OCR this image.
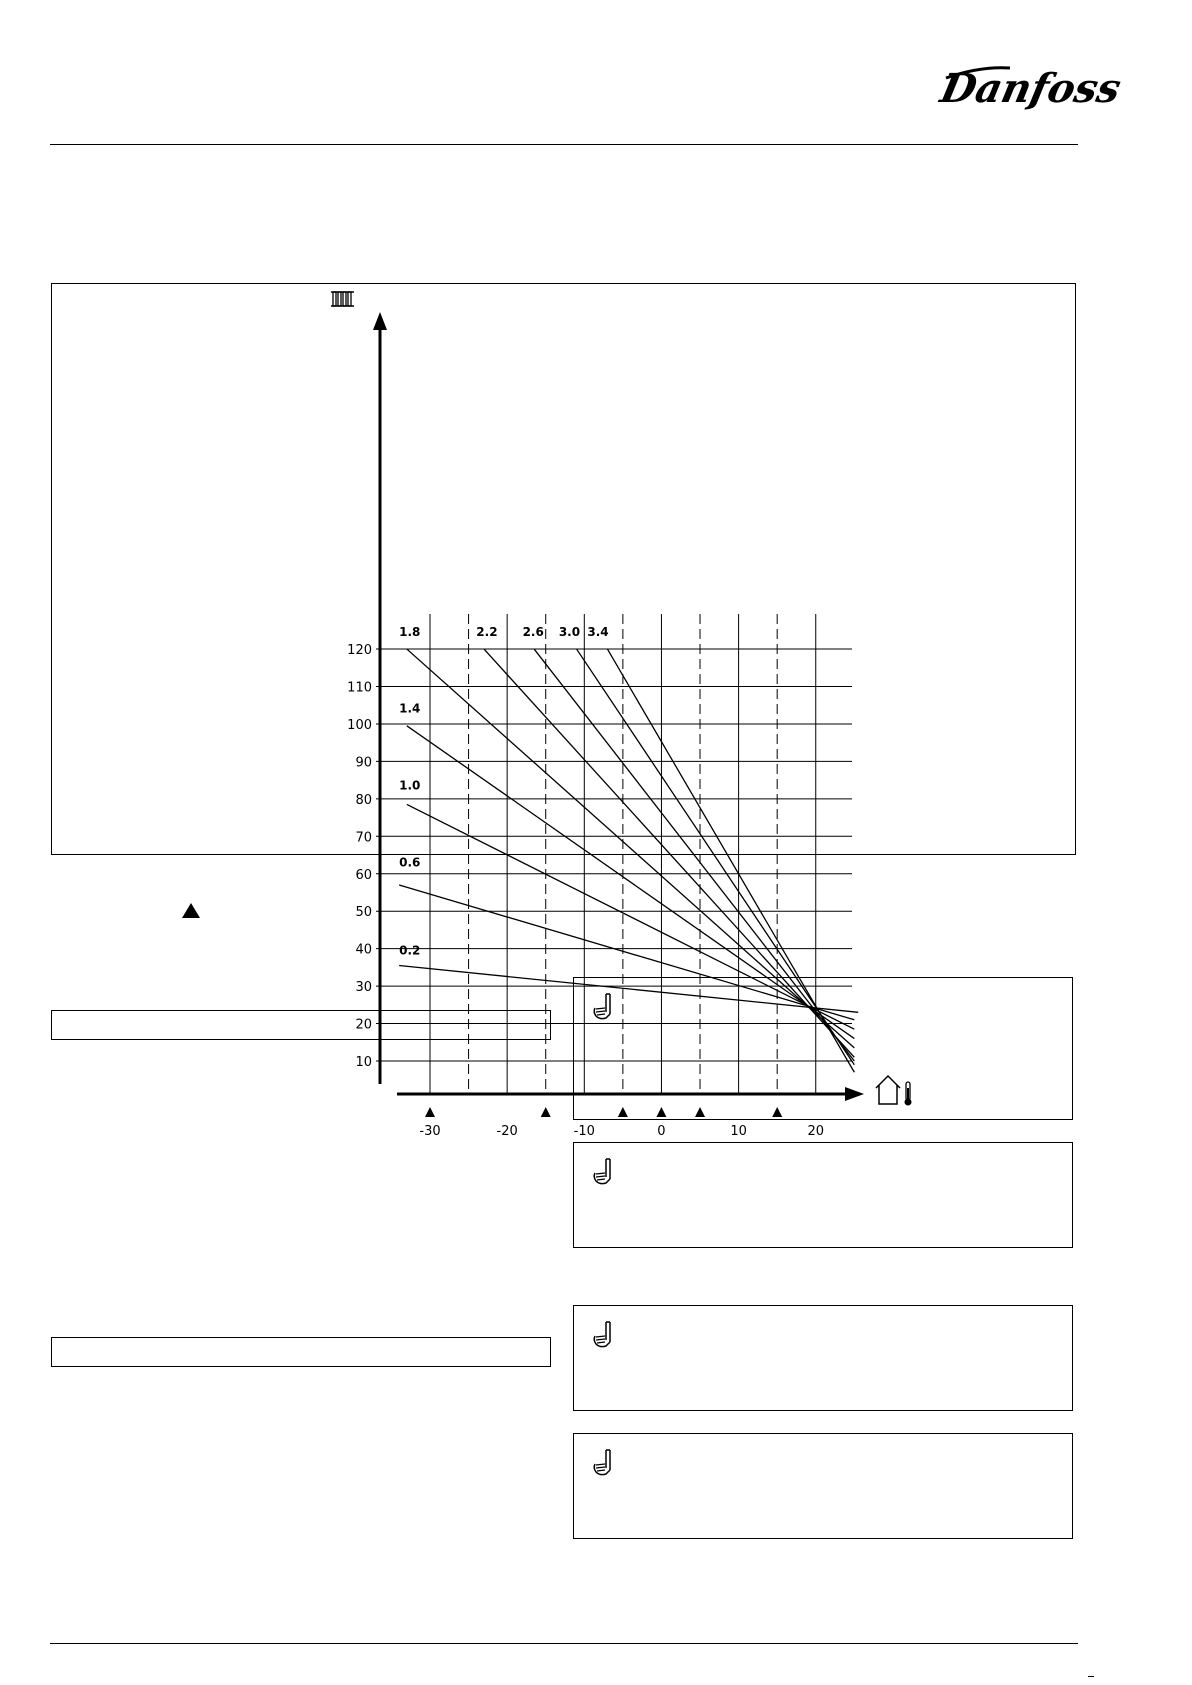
Danfoss
10
20
30
40
50
60
70
80
90
100
110
120
-30	-20	-10	0	10	20
1.8	2.2 2.6 3.0 3.4
1.4
1.0
0.6
0.2
